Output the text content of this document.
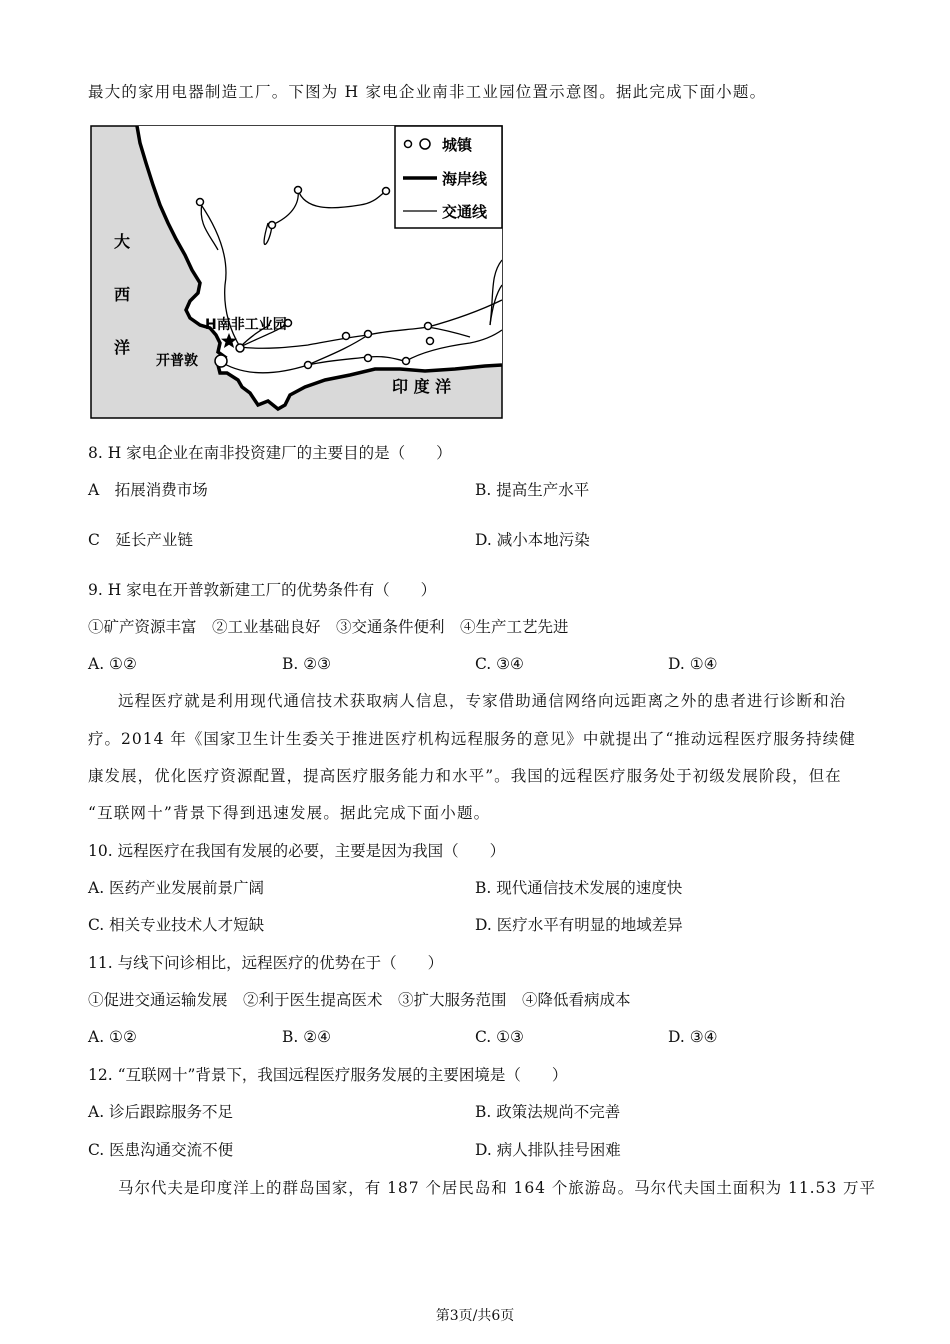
最大的家用电器制造工厂。下图为 H 家电企业南非工业园位置示意图。据此完成下面小题。
城镇
海岸线
交通线
大
西
洋
印 度 洋
H南非工业园
开普敦
8. H 家电企业在南非投资建厂的主要目的是（　　）
A　拓展消费市场	B. 提高生产水平
C　延长产业链	D. 减小本地污染
9. H 家电在开普敦新建工厂的优势条件有（　　）
①矿产资源丰富　②工业基础良好　③交通条件便利　④生产工艺先进
A. ①②	B. ②③	C. ③④	D. ①④
远程医疗就是利用现代通信技术获取病人信息，专家借助通信网络向远距离之外的患者进行诊断和治
疗。2014 年《国家卫生计生委关于推进医疗机构远程服务的意见》中就提出了“推动远程医疗服务持续健
康发展，优化医疗资源配置，提高医疗服务能力和水平”。我国的远程医疗服务处于初级发展阶段，但在
“互联网十”背景下得到迅速发展。据此完成下面小题。
10. 远程医疗在我国有发展的必要，主要是因为我国（　　）
A. 医药产业发展前景广阔	B. 现代通信技术发展的速度快
C. 相关专业技术人才短缺	D. 医疗水平有明显的地域差异
11. 与线下问诊相比，远程医疗的优势在于（　　）
①促进交通运输发展　②利于医生提高医术　③扩大服务范围　④降低看病成本
A. ①②	B. ②④	C. ①③	D. ③④
12. “互联网十”背景下，我国远程医疗服务发展的主要困境是（　　）
A. 诊后跟踪服务不足	B. 政策法规尚不完善
C. 医患沟通交流不便	D. 病人排队挂号困难
马尔代夫是印度洋上的群岛国家，有 187 个居民岛和 164 个旅游岛。马尔代夫国土面积为 11.53 万平
第3页/共6页
